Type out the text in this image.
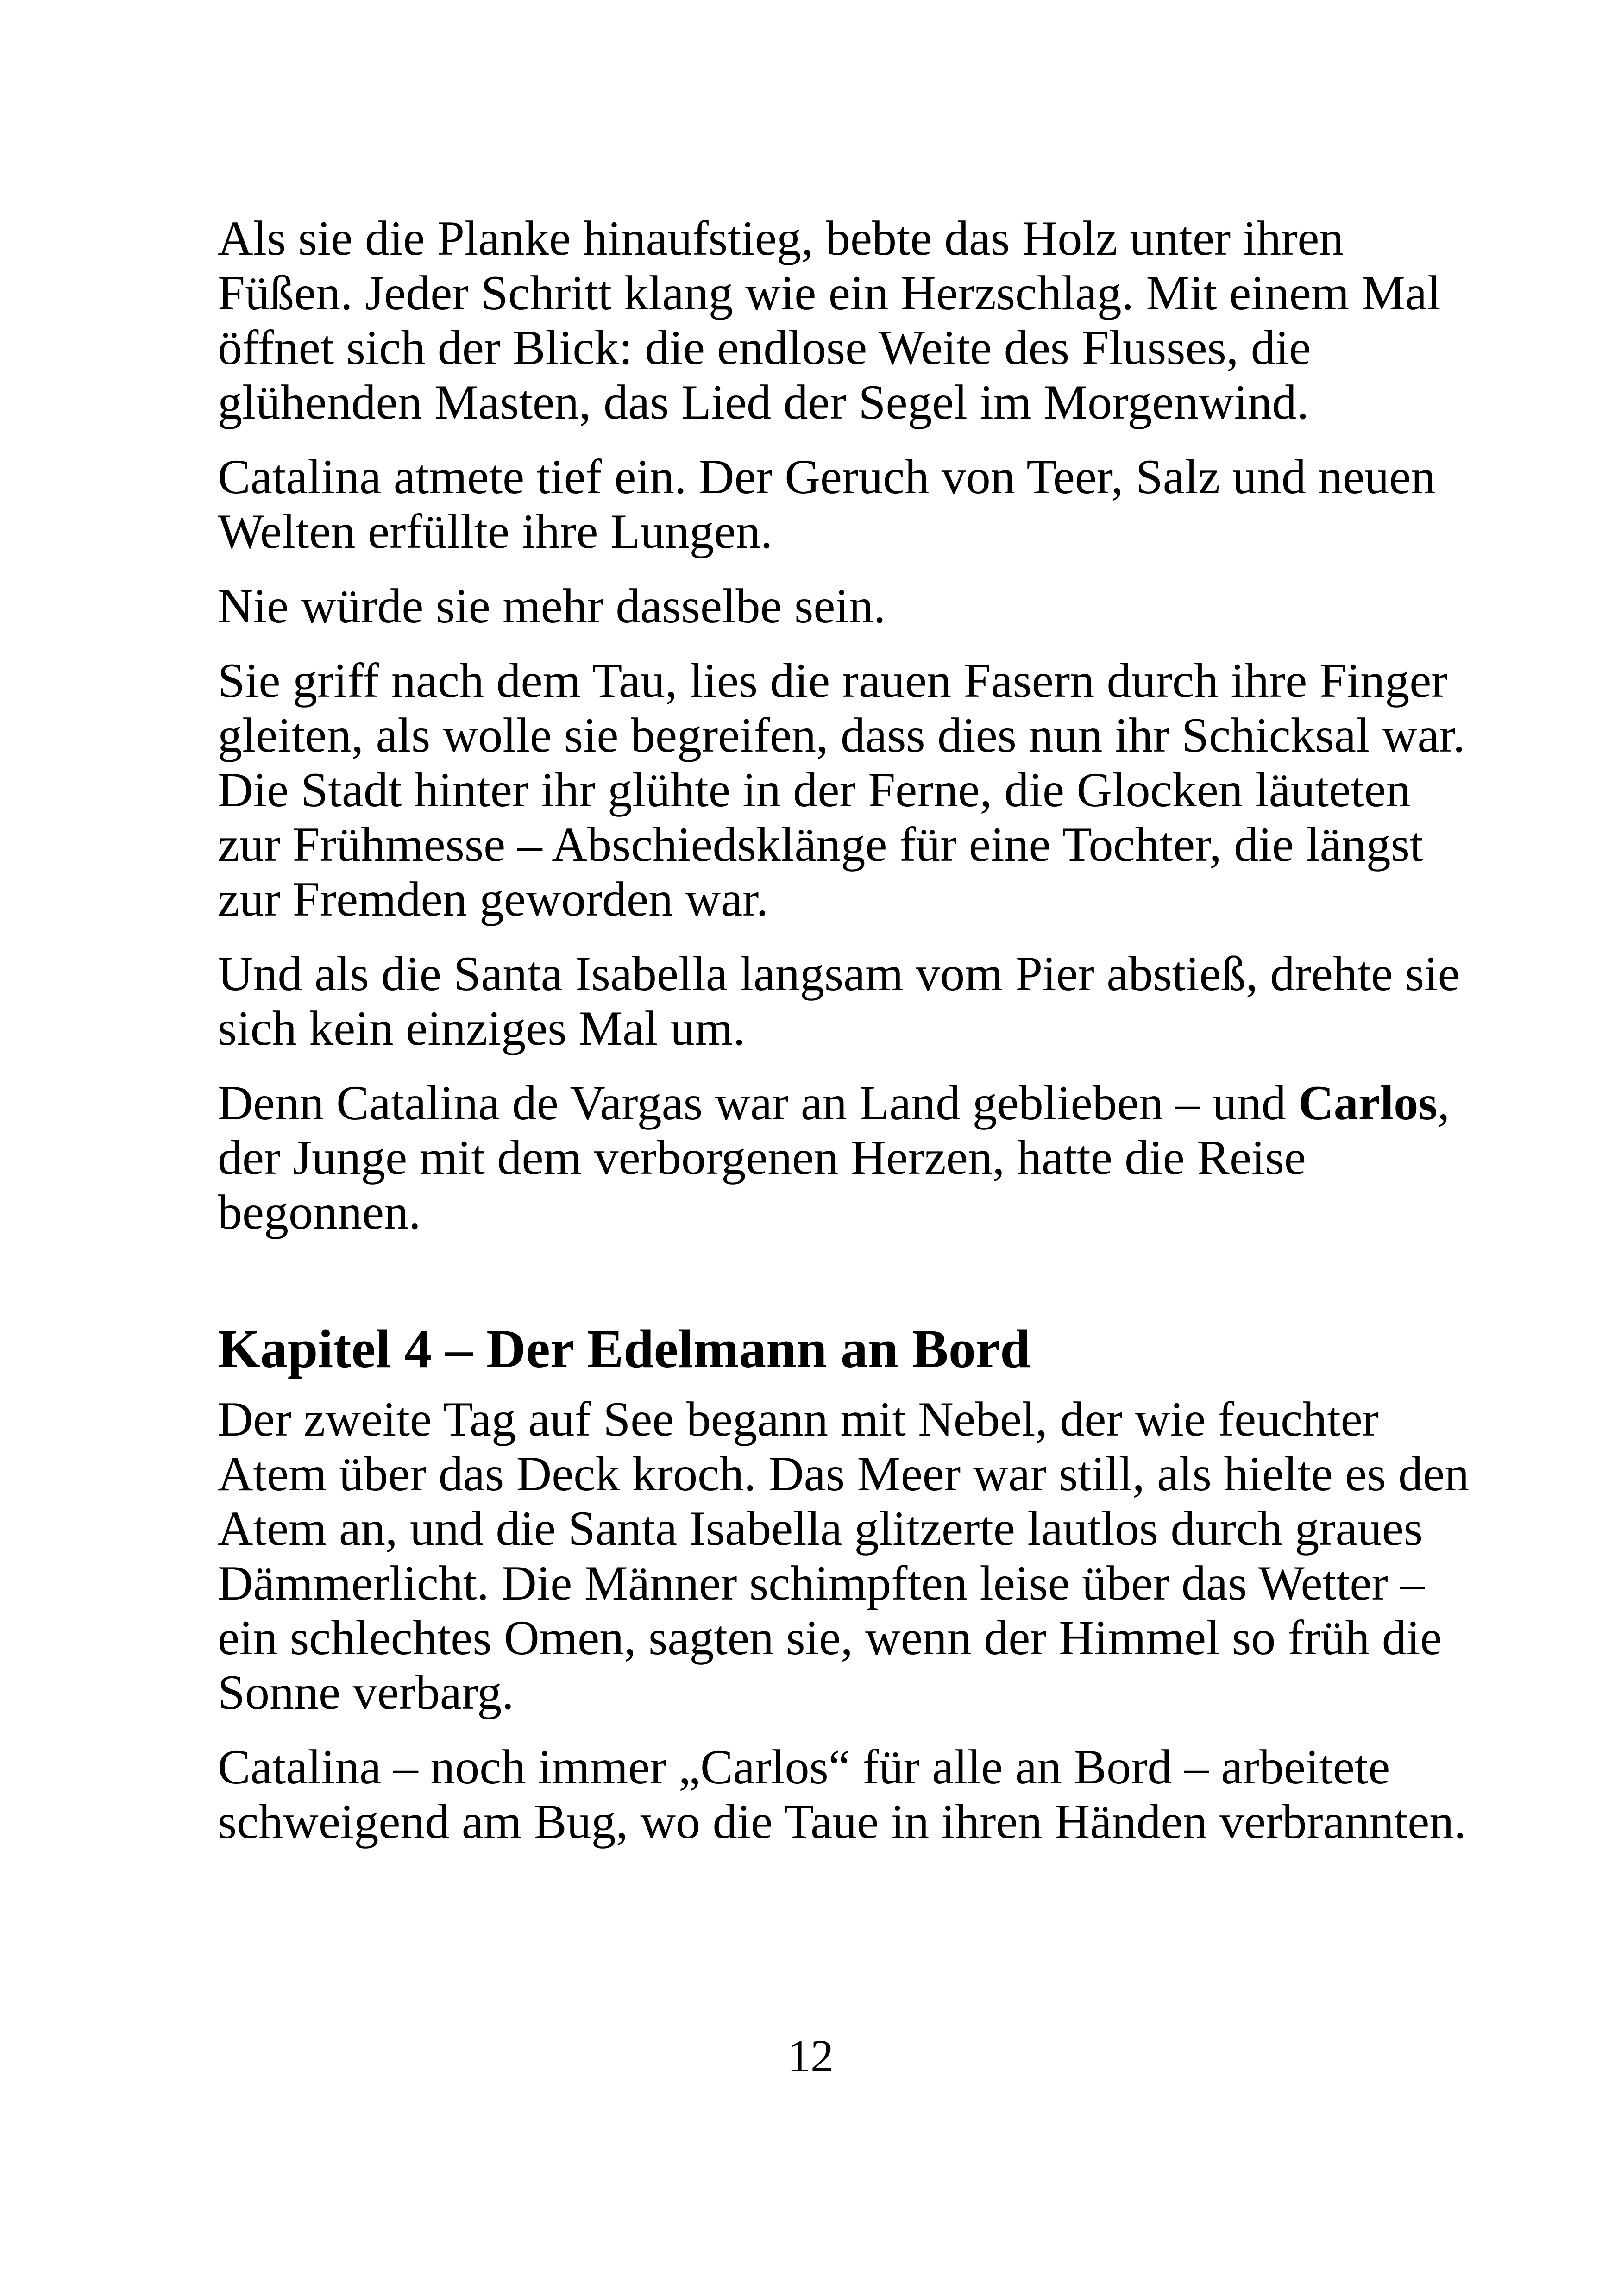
Als sie die Planke hinaufstieg, bebte das Holz unter ihren
Füßen. Jeder Schritt klang wie ein Herzschlag. Mit einem Mal
öffnet sich der Blick: die endlose Weite des Flusses, die
glühenden Masten, das Lied der Segel im Morgenwind.

Catalina atmete tief ein. Der Geruch von Teer, Salz und neuen
Welten erfüllte ihre Lungen.

Nie würde sie mehr dasselbe sein.

Sie griff nach dem Tau, lies die rauen Fasern durch ihre Finger
gleiten, als wolle sie begreifen, dass dies nun ihr Schicksal war.
Die Stadt hinter ihr glühte in der Ferne, die Glocken läuteten
zur Frühmesse – Abschiedsklänge für eine Tochter, die längst
zur Fremden geworden war.

Und als die Santa Isabella langsam vom Pier abstieß, drehte sie
sich kein einziges Mal um.

Denn Catalina de Vargas war an Land geblieben – und Carlos,
der Junge mit dem verborgenen Herzen, hatte die Reise
begonnen.

Kapitel 4 – Der Edelmann an Bord

Der zweite Tag auf See begann mit Nebel, der wie feuchter
Atem über das Deck kroch. Das Meer war still, als hielte es den
Atem an, und die Santa Isabella glitzerte lautlos durch graues
Dämmerlicht. Die Männer schimpften leise über das Wetter –
ein schlechtes Omen, sagten sie, wenn der Himmel so früh die
Sonne verbarg.

Catalina – noch immer „Carlos“ für alle an Bord – arbeitete
schweigend am Bug, wo die Taue in ihren Händen verbrannten.

12
